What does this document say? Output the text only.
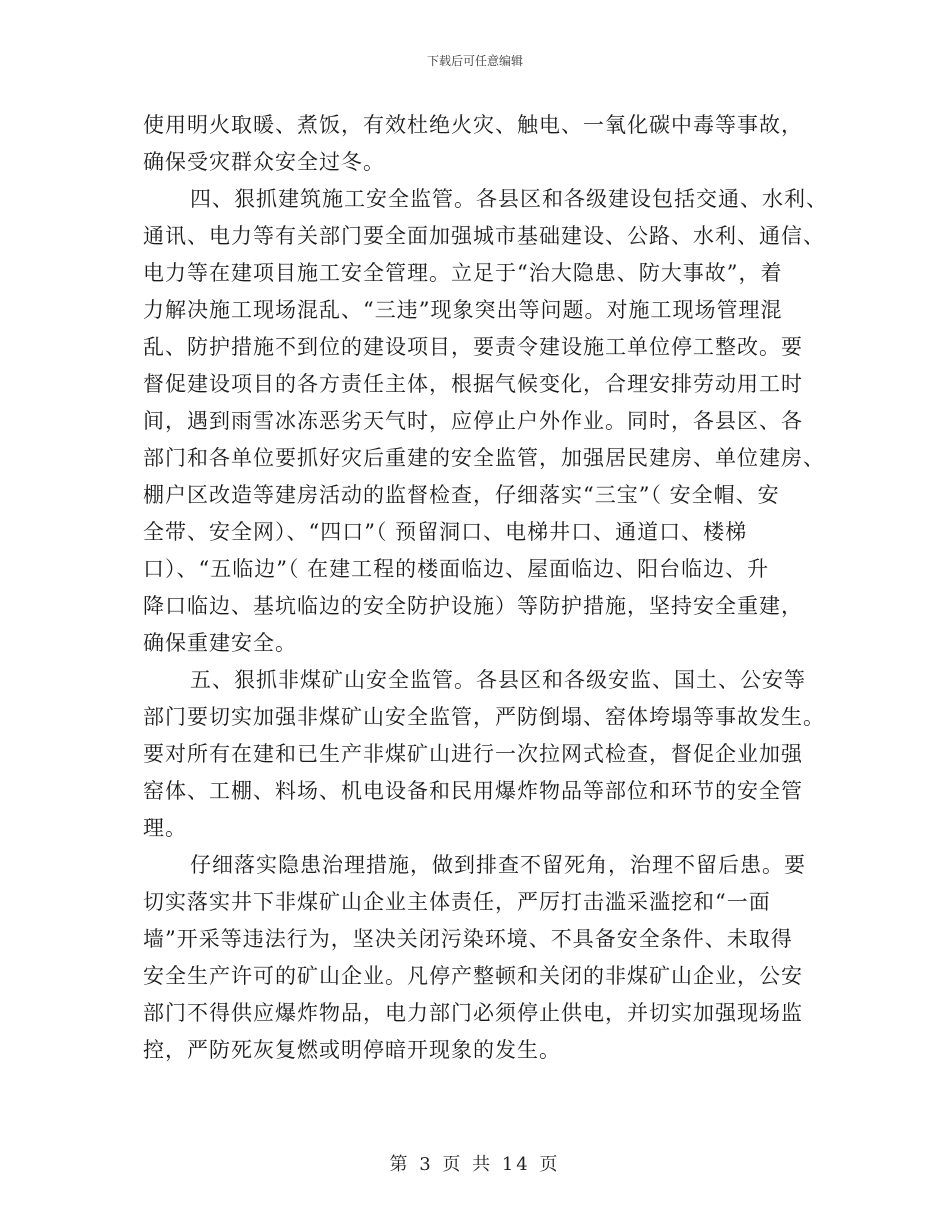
下载后可任意编辑
使用明火取暖、煮饭，有效杜绝火灾、触电、一氧化碳中毒等事故，
确保受灾群众安全过冬。
四、狠抓建筑施工安全监管。各县区和各级建设包括交通、水利、
通讯、电力等有关部门要全面加强城市基础建设、公路、水利、通信、
电力等在建项目施工安全管理。立足于“治大隐患、防大事故”，着
力解决施工现场混乱、“三违”现象突出等问题。对施工现场管理混
乱、防护措施不到位的建设项目，要责令建设施工单位停工整改。要
督促建设项目的各方责任主体，根据气候变化，合理安排劳动用工时
间，遇到雨雪冰冻恶劣天气时，应停止户外作业。同时，各县区、各
部门和各单位要抓好灾后重建的安全监管，加强居民建房、单位建房、
棚户区改造等建房活动的监督检查，仔细落实“三宝”（ 安全帽、安
全带、安全网）、“四口”（ 预留洞口、电梯井口、通道口、楼梯
口）、“五临边”（ 在建工程的楼面临边、屋面临边、阳台临边、升
降口临边、基坑临边的安全防护设施）等防护措施，坚持安全重建，
确保重建安全。
五、狠抓非煤矿山安全监管。各县区和各级安监、国土、公安等
部门要切实加强非煤矿山安全监管，严防倒塌、窑体垮塌等事故发生。
要对所有在建和已生产非煤矿山进行一次拉网式检查，督促企业加强
窑体、工棚、料场、机电设备和民用爆炸物品等部位和环节的安全管
理。
仔细落实隐患治理措施，做到排查不留死角，治理不留后患。要
切实落实井下非煤矿山企业主体责任，严厉打击滥采滥挖和“一面
墙”开采等违法行为，坚决关闭污染环境、不具备安全条件、未取得
安全生产许可的矿山企业。凡停产整顿和关闭的非煤矿山企业，公安
部门不得供应爆炸物品，电力部门必须停止供电，并切实加强现场监
控，严防死灰复燃或明停暗开现象的发生。
第 3 页 共 14 页
